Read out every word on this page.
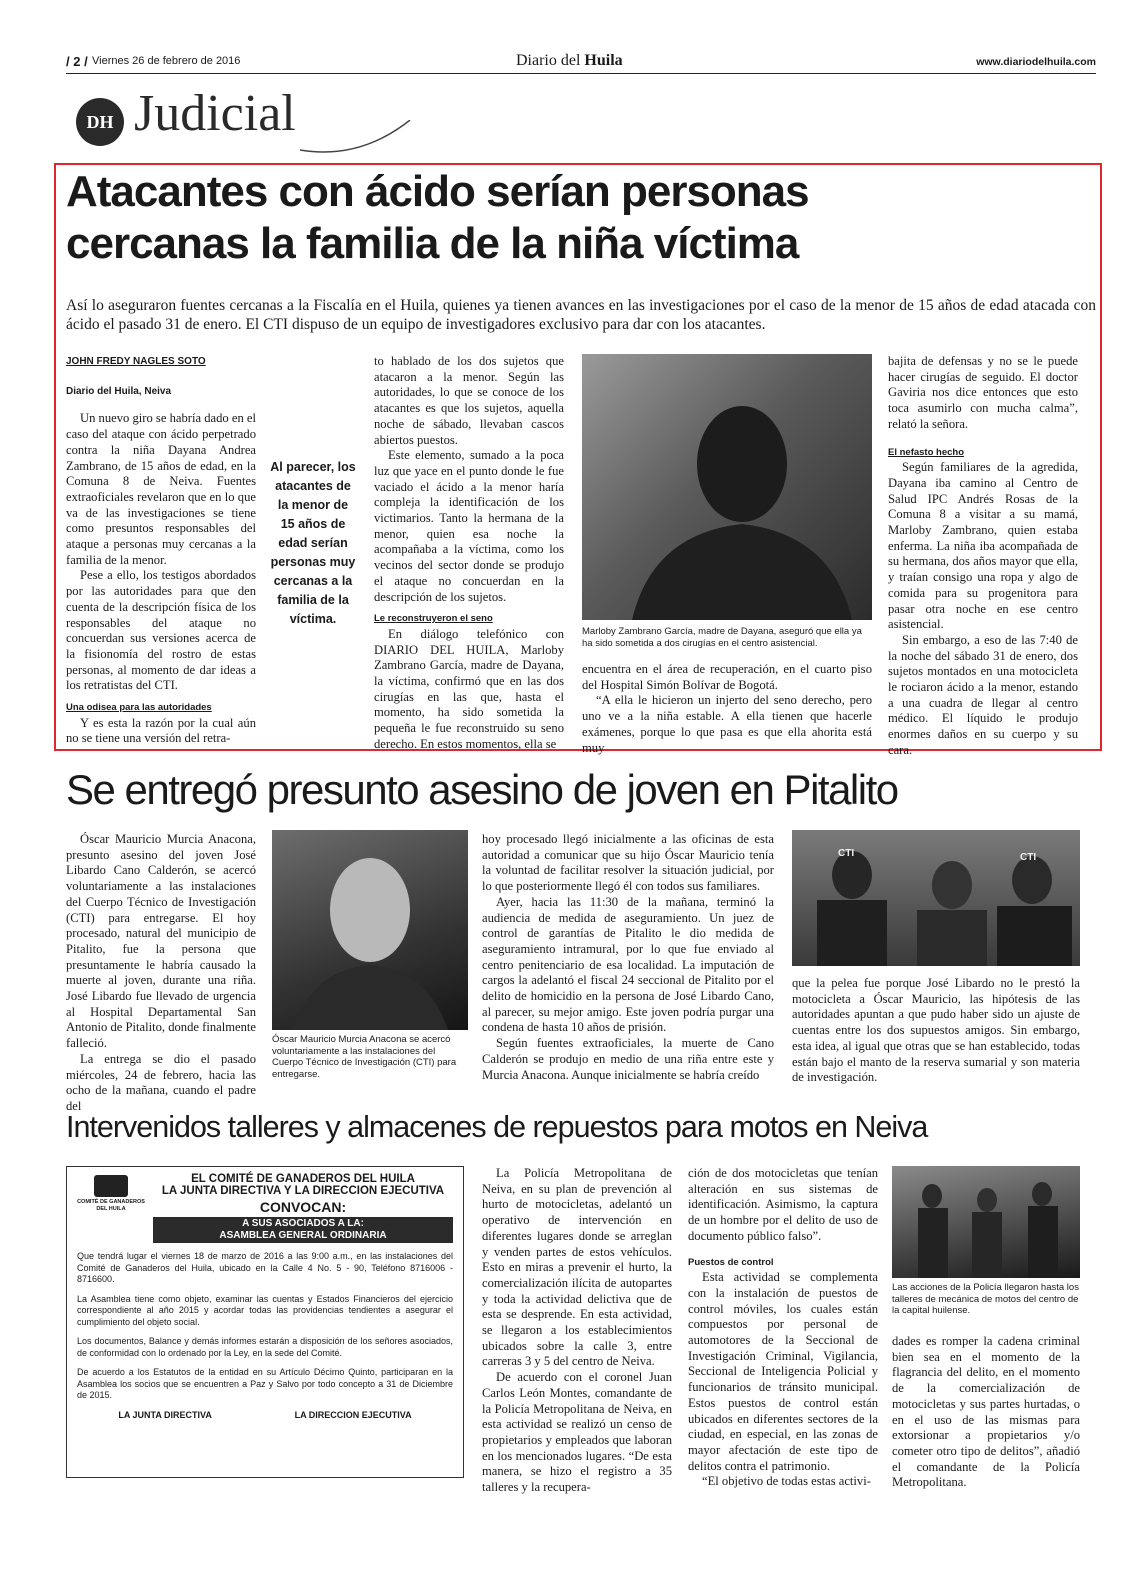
/ 2 / Viernes 26 de febrero de 2016	Diario del Huila	www.diariodelhuila.com
DH Judicial
Atacantes con ácido serían personas
cercanas la familia de la niña víctima
Así lo aseguraron fuentes cercanas a la Fiscalía en el Huila, quienes ya tienen avances en las investigaciones por el caso de la menor de 15 años de edad atacada con ácido el pasado 31 de enero. El CTI dispuso de un equipo de investigadores exclusivo para dar con los atacantes.
JOHN FREDY NAGLES SOTO
Diario del Huila, Neiva

Un nuevo giro se habría dado en el caso del ataque con ácido perpetrado contra la niña Dayana Andrea Zambrano, de 15 años de edad, en la Comuna 8 de Neiva. Fuentes extraoficiales revelaron que en lo que va de las investigaciones se tiene como presuntos responsables del ataque a personas muy cercanas a la familia de la menor.

Pese a ello, los testigos abordados por las autoridades para que den cuenta de la descripción física de los responsables del ataque no concuerdan sus versiones acerca de la fisionomía del rostro de estas personas, al momento de dar ideas a los retratistas del CTI.

Una odisea para las autoridades

Y es esta la razón por la cual aún no se tiene una versión del retra-

Al parecer, los atacantes de la menor de 15 años de edad serían personas muy cercanas a la familia de la víctima.

to hablado de los dos sujetos que atacaron a la menor. Según las autoridades, lo que se conoce de los atacantes es que los sujetos, aquella noche de sábado, llevaban cascos abiertos puestos.

Este elemento, sumado a la poca luz que yace en el punto donde le fue vaciado el ácido a la menor haría compleja la identificación de los victimarios. Tanto la hermana de la menor, quien esa noche la acompañaba a la víctima, como los vecinos del sector donde se produjo el ataque no concuerdan en la descripción de los sujetos.

Le reconstruyeron el seno

En diálogo telefónico con DIARIO DEL HUILA, Marloby Zambrano García, madre de Dayana, la víctima, confirmó que en las dos cirugías en las que, hasta el momento, ha sido sometida la pequeña le fue reconstruido su seno derecho. En estos momentos, ella se

Marloby Zambrano García, madre de Dayana, aseguró que ella ya ha sido sometida a dos cirugías en el centro asistencial.

encuentra en el área de recuperación, en el cuarto piso del Hospital Simón Bolívar de Bogotá.

“A ella le hicieron un injerto del seno derecho, pero uno ve a la niña estable. A ella tienen que hacerle exámenes, porque lo que pasa es que ella ahorita está muy

bajita de defensas y no se le puede hacer cirugías de seguido. El doctor Gaviria nos dice entonces que esto toca asumirlo con mucha calma”, relató la señora.

El nefasto hecho

Según familiares de la agredida, Dayana iba camino al Centro de Salud IPC Andrés Rosas de la Comuna 8 a visitar a su mamá, Marloby Zambrano, quien estaba enferma. La niña iba acompañada de su hermana, dos años mayor que ella, y traían consigo una ropa y algo de comida para su progenitora para pasar otra noche en ese centro asistencial.

Sin embargo, a eso de las 7:40 de la noche del sábado 31 de enero, dos sujetos montados en una motocicleta le rociaron ácido a la menor, estando a una cuadra de llegar al centro médico. El líquido le produjo enormes daños en su cuerpo y su cara.

Se entregó presunto asesino de joven en Pitalito

Óscar Mauricio Murcia Anacona, presunto asesino del joven José Libardo Cano Calderón, se acercó voluntariamente a las instalaciones del Cuerpo Técnico de Investigación (CTI) para entregarse. El hoy procesado, natural del municipio de Pitalito, fue la persona que presuntamente le habría causado la muerte al joven, durante una riña. José Libardo fue llevado de urgencia al Hospital Departamental San Antonio de Pitalito, donde finalmente falleció.

La entrega se dio el pasado miércoles, 24 de febrero, hacia las ocho de la mañana, cuando el padre del

Óscar Mauricio Murcia Anacona se acercó voluntariamente a las instalaciones del Cuerpo Técnico de Investigación (CTI) para entregarse.

hoy procesado llegó inicialmente a las oficinas de esta autoridad a comunicar que su hijo Óscar Mauricio tenía la voluntad de facilitar resolver la situación judicial, por lo que posteriormente llegó él con todos sus familiares.

Ayer, hacia las 11:30 de la mañana, terminó la audiencia de medida de aseguramiento. Un juez de control de garantías de Pitalito le dio medida de aseguramiento intramural, por lo que fue enviado al centro penitenciario de esa localidad. La imputación de cargos la adelantó el fiscal 24 seccional de Pitalito por el delito de homicidio en la persona de José Libardo Cano, al parecer, su mejor amigo. Este joven podría purgar una condena de hasta 10 años de prisión.

Según fuentes extraoficiales, la muerte de Cano Calderón se produjo en medio de una riña entre este y Murcia Anacona. Aunque inicialmente se habría creído

CTI	CTI

que la pelea fue porque José Libardo no le prestó la motocicleta a Óscar Mauricio, las hipótesis de las autoridades apuntan a que pudo haber sido un ajuste de cuentas entre los dos supuestos amigos. Sin embargo, esta idea, al igual que otras que se han establecido, todas están bajo el manto de la reserva sumarial y son materia de investigación.

Intervenidos talleres y almacenes de repuestos para motos en Neiva
COMITÉ DE GANADEROS DEL HUILA
EL COMITÉ DE GANADEROS DEL HUILA
LA JUNTA DIRECTIVA Y LA DIRECCION EJECUTIVA
CONVOCAN:
A SUS ASOCIADOS A LA:
ASAMBLEA GENERAL ORDINARIA
Que tendrá lugar el viernes 18 de marzo de 2016 a las 9:00 a.m., en las instalaciones del Comité de Ganaderos del Huila, ubicado en la Calle 4 No. 5 - 90, Teléfono 8716006 - 8716600.
La Asamblea tiene como objeto, examinar las cuentas y Estados Financieros del ejercicio correspondiente al año 2015 y acordar todas las providencias tendientes a asegurar el cumplimiento del objeto social.
Los documentos, Balance y demás informes estarán a disposición de los señores asociados, de conformidad con lo ordenado por la Ley, en la sede del Comité.
De acuerdo a los Estatutos de la entidad en su Artículo Décimo Quinto, participaran en la Asamblea los socios que se encuentren a Paz y Salvo por todo concepto a 31 de Diciembre de 2015.
LA JUNTA DIRECTIVA	LA DIRECCION EJECUTIVA

La Policía Metropolitana de Neiva, en su plan de prevención al hurto de motocicletas, adelantó un operativo de intervención en diferentes lugares donde se arreglan y venden partes de estos vehículos. Esto en miras a prevenir el hurto, la comercialización ilícita de autopartes y toda la actividad delictiva que de esta se desprende. En esta actividad, se llegaron a los establecimientos ubicados sobre la calle 3, entre carreras 3 y 5 del centro de Neiva.

De acuerdo con el coronel Juan Carlos León Montes, comandante de la Policía Metropolitana de Neiva, en esta actividad se realizó un censo de propietarios y empleados que laboran en los mencionados lugares. “De esta manera, se hizo el registro a 35 talleres y la recupera-

ción de dos motocicletas que tenían alteración en sus sistemas de identificación. Asimismo, la captura de un hombre por el delito de uso de documento público falso”.

Puestos de control

Esta actividad se complementa con la instalación de puestos de control móviles, los cuales están compuestos por personal de automotores de la Seccional de Investigación Criminal, Vigilancia, Seccional de Inteligencia Policial y funcionarios de tránsito municipal. Estos puestos de control están ubicados en diferentes sectores de la ciudad, en especial, en las zonas de mayor afectación de este tipo de delitos contra el patrimonio.

“El objetivo de todas estas activi-

Las acciones de la Policía llegaron hasta los talleres de mecánica de motos del centro de la capital huilense.

dades es romper la cadena criminal bien sea en el momento de la flagrancia del delito, en el momento de la comercialización de motocicletas y sus partes hurtadas, o en el uso de las mismas para extorsionar a propietarios y/o cometer otro tipo de delitos”, añadió el comandante de la Policía Metropolitana.
